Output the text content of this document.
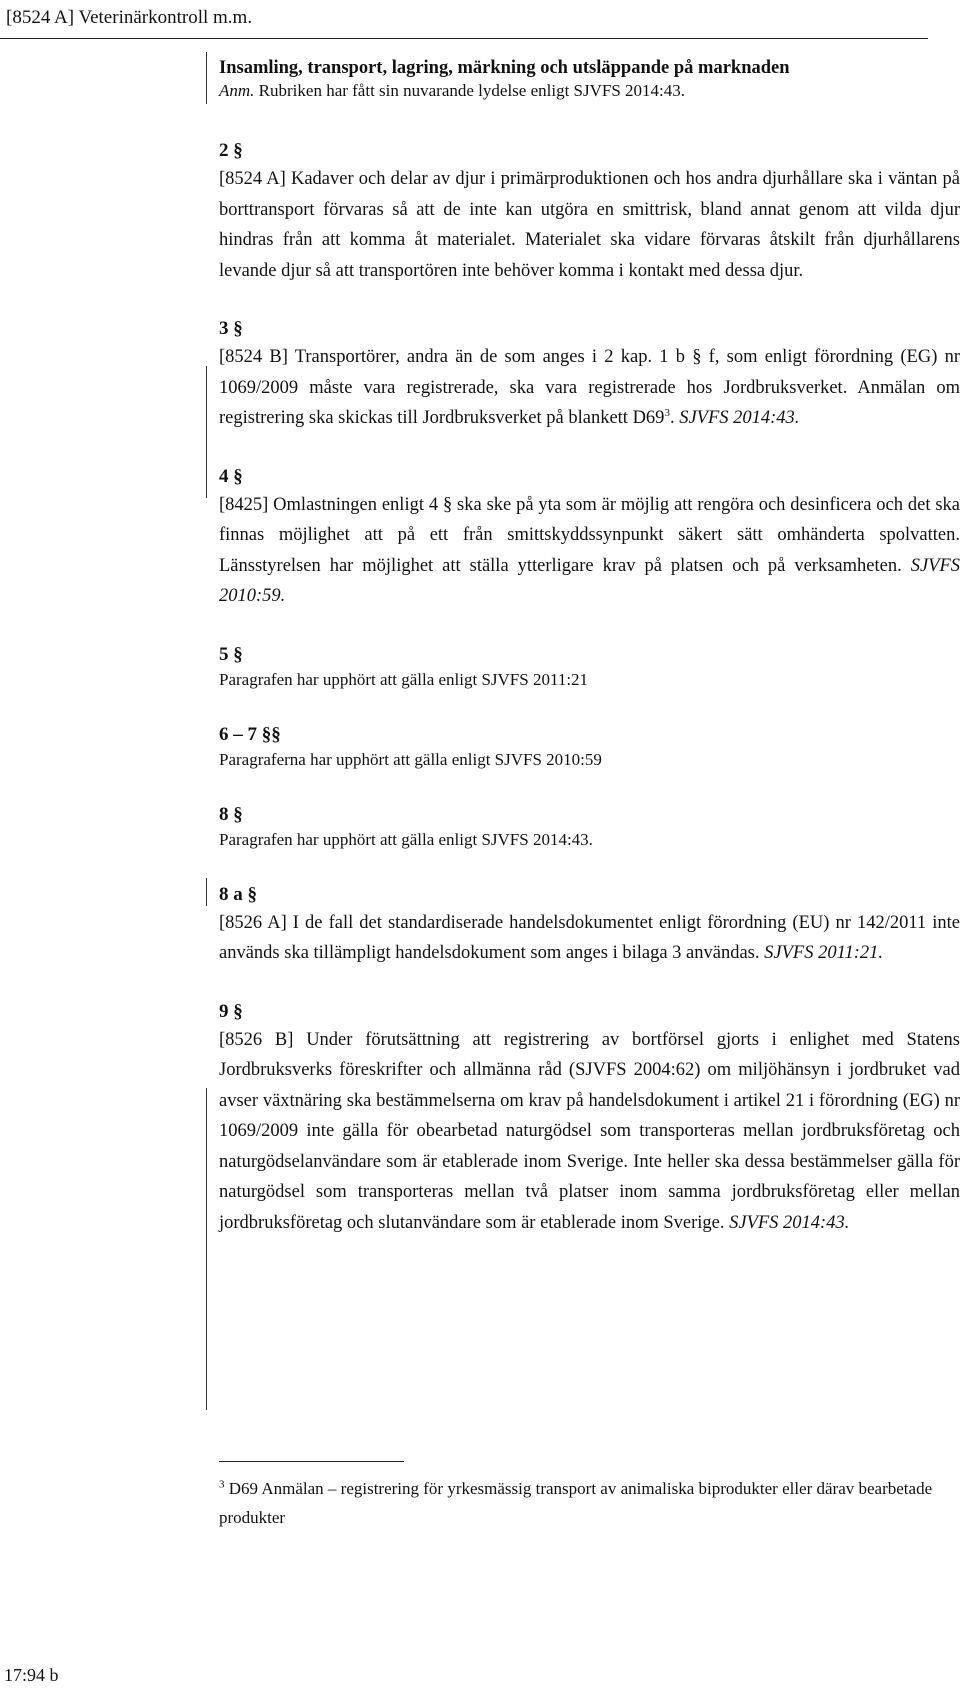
[8524 A] Veterinärkontroll m.m.

Insamling, transport, lagring, märkning och utsläppande på marknaden

Anm. Rubriken har fått sin nuvarande lydelse enligt SJVFS 2014:43.

2 §

[8524 A] Kadaver och delar av djur i primärproduktionen och hos andra djurhållare ska i väntan på borttransport förvaras så att de inte kan utgöra en smittrisk, bland annat genom att vilda djur hindras från att komma åt materialet. Materialet ska vidare förvaras åtskilt från djurhållarens levande djur så att transportören inte behöver komma i kontakt med dessa djur.

3 §

[8524 B] Transportörer, andra än de som anges i 2 kap. 1 b § f, som enligt förordning (EG) nr 1069/2009 måste vara registrerade, ska vara registrerade hos Jordbruksverket. Anmälan om registrering ska skickas till Jordbruksverket på blankett $D69^3$. SJVFS 2014:43.

4 §

[8425] Omlastningen enligt 4 § ska ske på yta som är möjlig att rengöra och desinficera och det ska finnas möjlighet att på ett från smittskyddssynpunkt säkert sätt omhänderta spolvatten. Länsstyrelsen har möjlighet att ställa ytterligare krav på platsen och på verksamheten. SJVFS 2010:59.

5 §

Paragrafen har upphört att gälla enligt SJVFS 2011:21

6 – 7 §§

Paragraferna har upphört att gälla enligt SJVFS 2010:59

8 §

Paragrafen har upphört att gälla enligt SJVFS 2014:43.

8 a §

[8526 A] I de fall det standardiserade handelsdokumentet enligt förordning (EU) nr 142/2011 inte används ska tillämpligt handelsdokument som anges i bilaga 3 användas. SJVFS 2011:21.

9 §

[8526 B] Under förutsättning att registrering av bortförsel gjorts i enlighet med Statens Jordbruksverks föreskrifter och allmänna råd (SJVFS 2004:62) om miljöhänsyn i jordbruket vad avser växtnäring ska bestämmelserna om krav på handelsdokument i artikel 21 i förordning (EG) nr 1069/2009 inte gälla för obearbetad naturgödsel som transporteras mellan jordbruksföretag och naturgödselanvändare som är etablerade inom Sverige. Inte heller ska dessa bestämmelser gälla för naturgödsel som transporteras mellan två platser inom samma jordbruksföretag eller mellan jordbruksföretag och slutanvändare som är etablerade inom Sverige. SJVFS 2014:43.

$^3$ D69 Anmälan – registrering för yrkesmässig transport av animaliska biprodukter eller därav bearbetade produkter
17:94 b
